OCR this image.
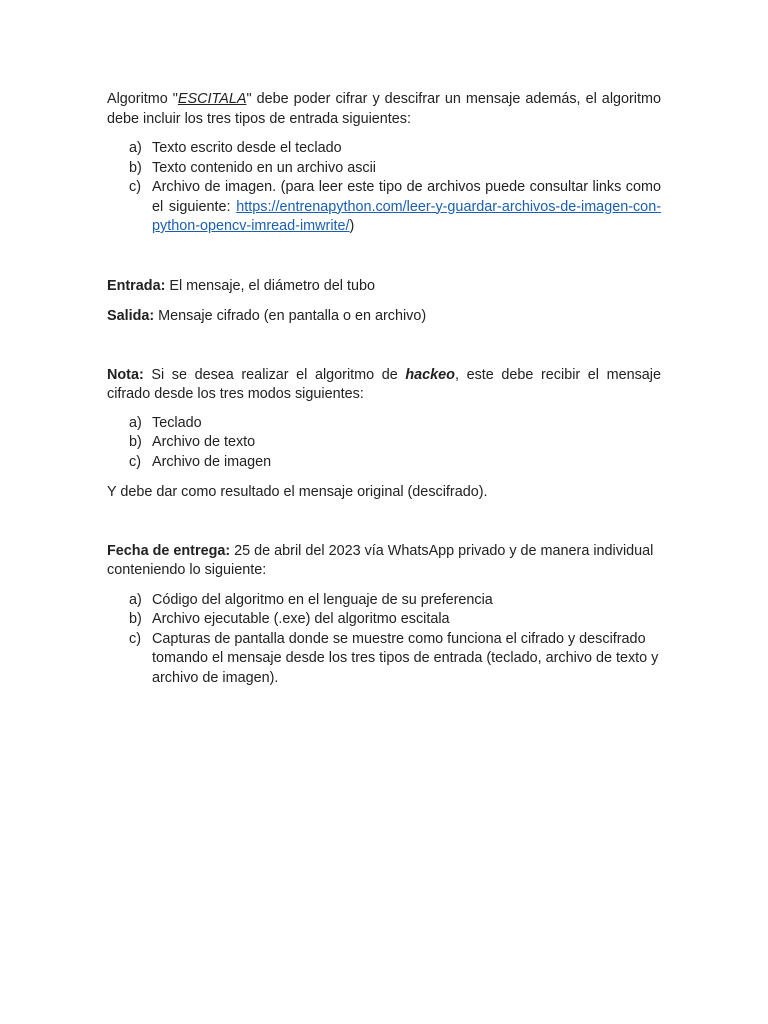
Algoritmo "ESCITALA" debe poder cifrar y descifrar un mensaje además, el algoritmo debe incluir los tres tipos de entrada siguientes:

a) Texto escrito desde el teclado
b) Texto contenido en un archivo ascii
c) Archivo de imagen. (para leer este tipo de archivos puede consultar links como el siguiente: https://entrenapython.com/leer-y-guardar-archivos-de-imagen-con-python-opencv-imread-imwrite/)

Entrada: El mensaje, el diámetro del tubo

Salida: Mensaje cifrado (en pantalla o en archivo)

Nota: Si se desea realizar el algoritmo de hackeo, este debe recibir el mensaje cifrado desde los tres modos siguientes:

a) Teclado
b) Archivo de texto
c) Archivo de imagen

Y debe dar como resultado el mensaje original (descifrado).

Fecha de entrega: 25 de abril del 2023 vía WhatsApp privado y de manera individual conteniendo lo siguiente:

a) Código del algoritmo en el lenguaje de su preferencia
b) Archivo ejecutable (.exe) del algoritmo escitala
c) Capturas de pantalla donde se muestre como funciona el cifrado y descifrado tomando el mensaje desde los tres tipos de entrada (teclado, archivo de texto y archivo de imagen).
